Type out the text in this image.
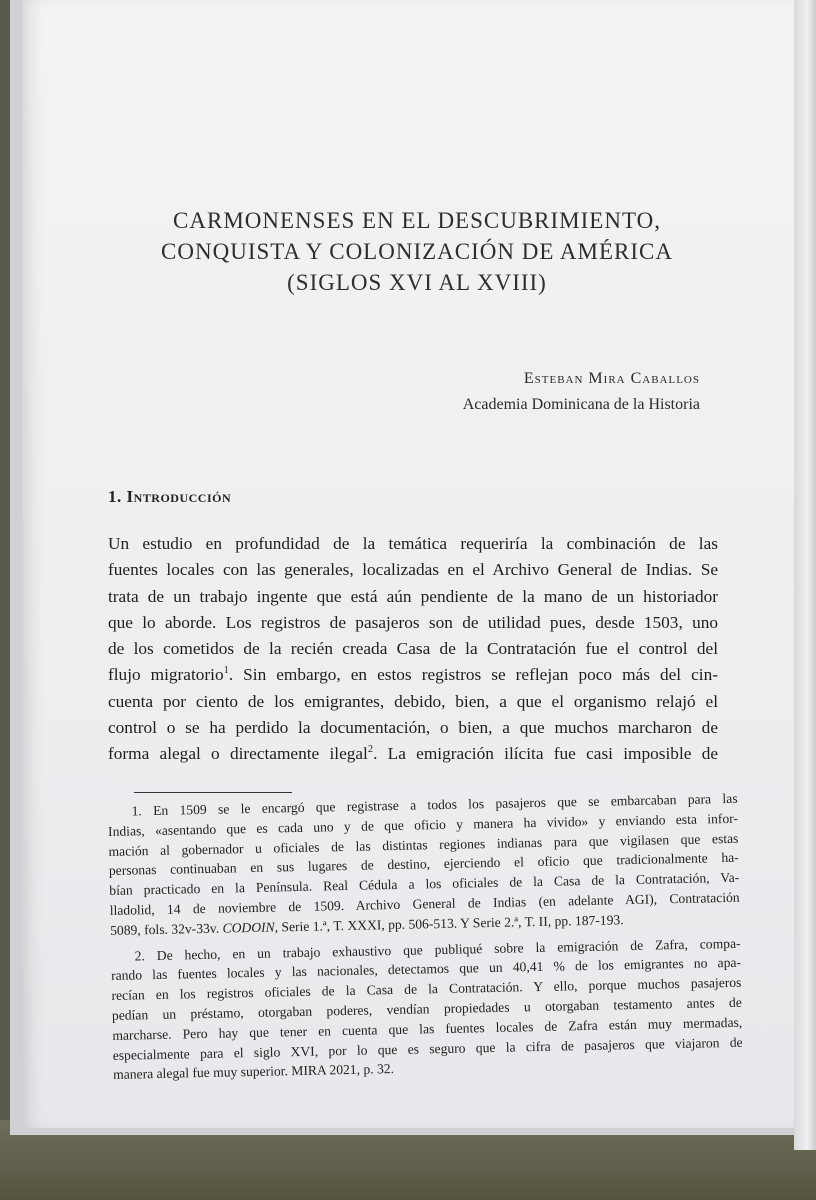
CARMONENSES EN EL DESCUBRIMIENTO,
CONQUISTA Y COLONIZACIÓN DE AMÉRICA
(SIGLOS XVI AL XVIII)
Esteban Mira Caballos
Academia Dominicana de la Historia
1. Introducción
Un estudio en profundidad de la temática requeriría la combinación de las
fuentes locales con las generales, localizadas en el Archivo General de Indias. Se
trata de un trabajo ingente que está aún pendiente de la mano de un historiador
que lo aborde. Los registros de pasajeros son de utilidad pues, desde 1503, uno
de los cometidos de la recién creada Casa de la Contratación fue el control del
flujo migratorio$^1$. Sin embargo, en estos registros se reflejan poco más del cin-
cuenta por ciento de los emigrantes, debido, bien, a que el organismo relajó el
control o se ha perdido la documentación, o bien, a que muchos marcharon de
forma alegal o directamente ilegal$^2$. La emigración ilícita fue casi imposible de
1. En 1509 se le encargó que registrase a todos los pasajeros que se embarcaban para las
Indias, «asentando que es cada uno y de que oficio y manera ha vivido» y enviando esta infor-
mación al gobernador u oficiales de las distintas regiones indianas para que vigilasen que estas
personas continuaban en sus lugares de destino, ejerciendo el oficio que tradicionalmente ha-
bían practicado en la Península. Real Cédula a los oficiales de la Casa de la Contratación, Va-
lladolid, 14 de noviembre de 1509. Archivo General de Indias (en adelante AGI), Contratación
5089, fols. 32v-33v. CODOIN, Serie 1.ª, T. XXXI, pp. 506-513. Y Serie 2.ª, T. II, pp. 187-193.
2. De hecho, en un trabajo exhaustivo que publiqué sobre la emigración de Zafra, compa-
rando las fuentes locales y las nacionales, detectamos que un 40,41 % de los emigrantes no apa-
recían en los registros oficiales de la Casa de la Contratación. Y ello, porque muchos pasajeros
pedían un préstamo, otorgaban poderes, vendían propiedades u otorgaban testamento antes de
marcharse. Pero hay que tener en cuenta que las fuentes locales de Zafra están muy mermadas,
especialmente para el siglo XVI, por lo que es seguro que la cifra de pasajeros que viajaron de
manera alegal fue muy superior. MIRA 2021, p. 32.
